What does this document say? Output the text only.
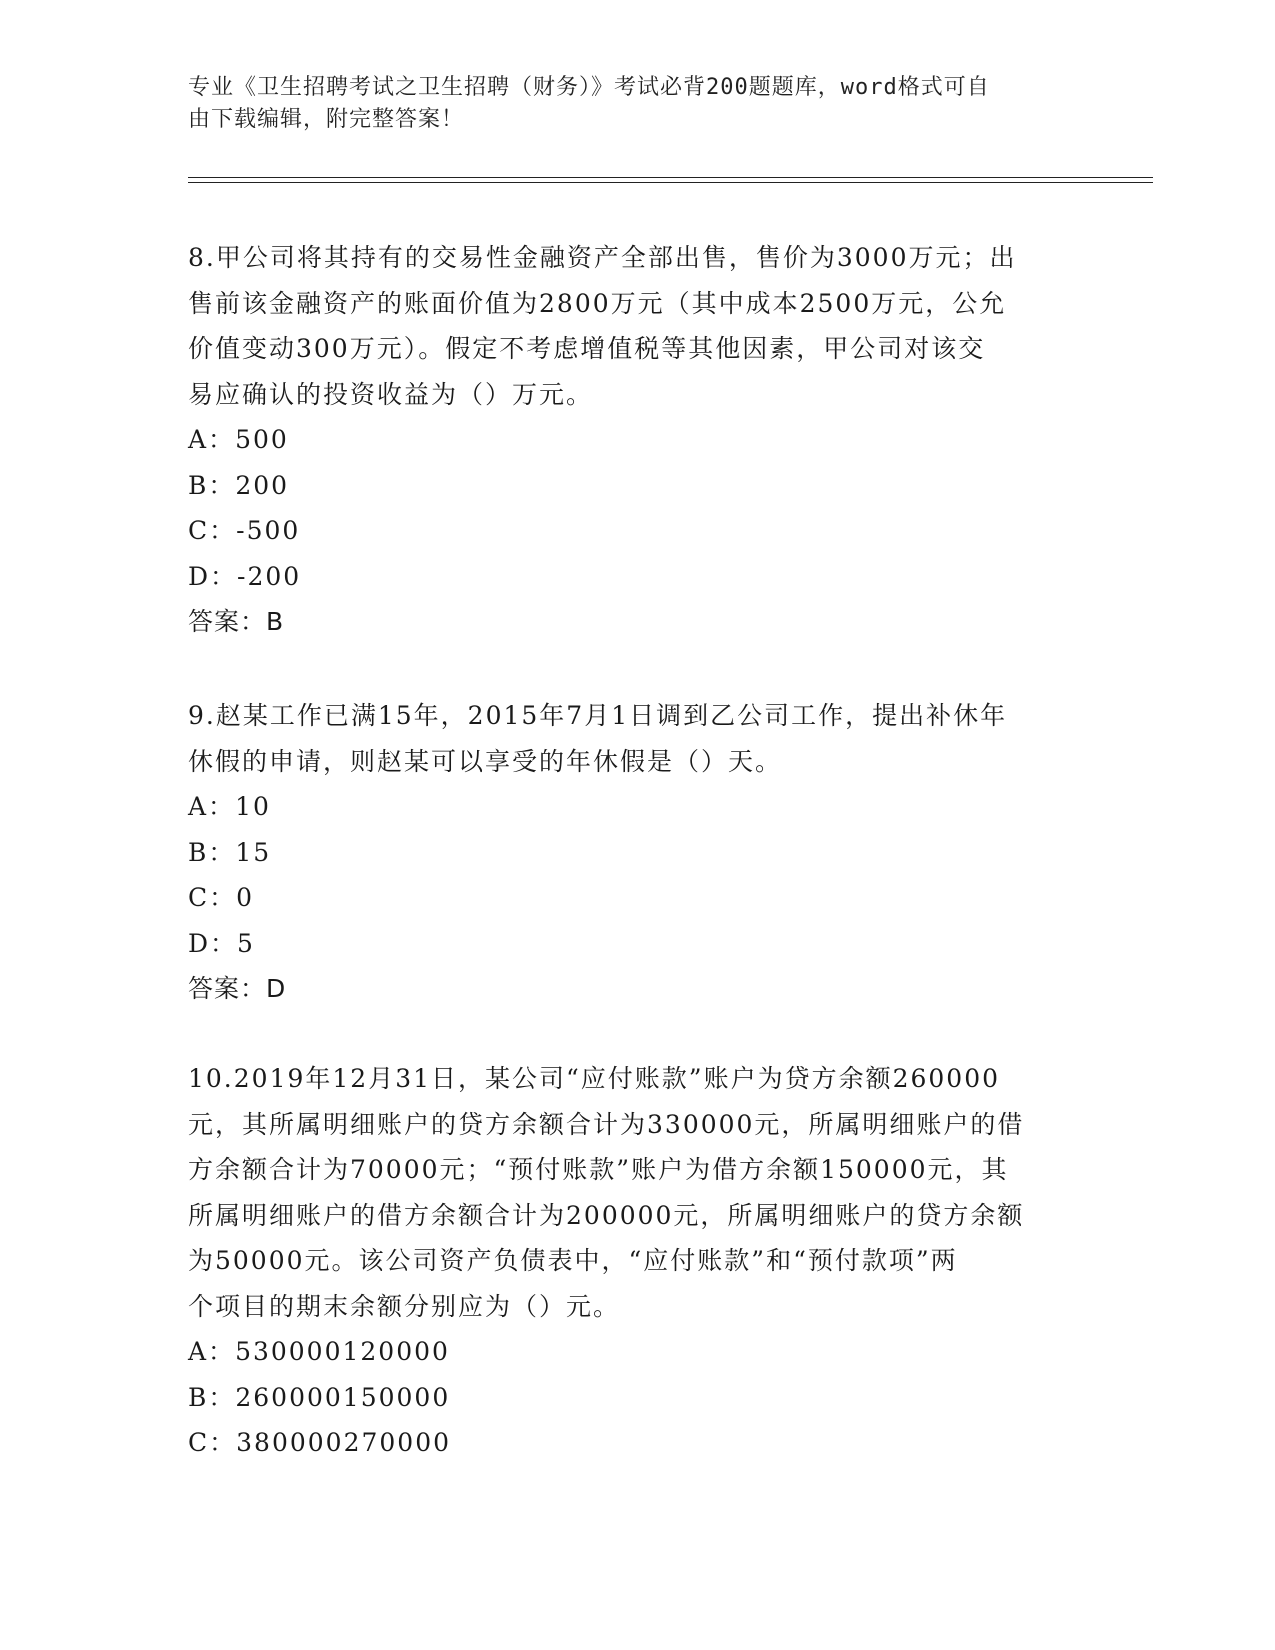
专业《卫生招聘考试之卫生招聘（财务）》考试必背200题题库，word格式可自
由下载编辑，附完整答案！
8.甲公司将其持有的交易性金融资产全部出售，售价为3000万元；出
售前该金融资产的账面价值为2800万元（其中成本2500万元，公允
价值变动300万元）。假定不考虑增值税等其他因素，甲公司对该交
易应确认的投资收益为（）万元。
A：500
B：200
C：-500
D：-200
答案：B
9.赵某工作已满15年，2015年7月1日调到乙公司工作，提出补休年
休假的申请，则赵某可以享受的年休假是（）天。
A：10
B：15
C：0
D：5
答案：D
10.2019年12月31日，某公司“应付账款”账户为贷方余额260000
元，其所属明细账户的贷方余额合计为330000元，所属明细账户的借
方余额合计为70000元；“预付账款”账户为借方余额150000元，其
所属明细账户的借方余额合计为200000元，所属明细账户的贷方余额
为50000元。该公司资产负债表中，“应付账款”和“预付款项”两
个项目的期末余额分别应为（）元。
A：530000120000
B：260000150000
C：380000270000
